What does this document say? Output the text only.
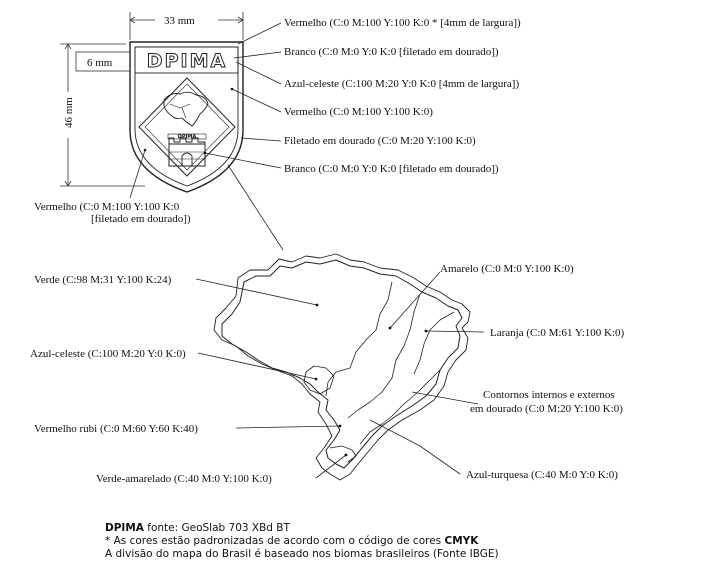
33 mm
46 mm
6 mm DPIMA
DPIMA
Vermelho (C:0 M:100 Y:100 K:0 * [4mm de largura])
Branco (C:0 M:0 Y:0 K:0 [filetado em dourado])
Azul-celeste (C:100 M:20 Y:0 K:0 [4mm de largura])
Vermelho (C:0 M:100 Y:100 K:0)
Filetado em dourado (C:0 M:20 Y:100 K:0)
Branco (C:0 M:0 Y:0 K:0 [filetado em dourado])
Vermelho (C:0 M:100 Y:100 K:0
[filetado em dourado])
Verde (C:98 M:31 Y:100 K:24)
Amarelo (C:0 M:0 Y:100 K:0)
Laranja (C:0 M:61 Y:100 K:0)
Azul-celeste (C:100 M:20 Y:0 K:0)
Contornos internos e externos
em dourado (C:0 M:20 Y:100 K:0)
Vermelho rubi (C:0 M:60 Y:60 K:40)
Azul-turquesa (C:40 M:0 Y:0 K:0)
Verde-amarelado (C:40 M:0 Y:100 K:0)
DPIMA fonte: GeoSlab 703 XBd BT
* As cores estão padronizadas de acordo com o código de cores CMYK
A divisão do mapa do Brasil é baseado nos biomas brasileiros (Fonte IBGE)
